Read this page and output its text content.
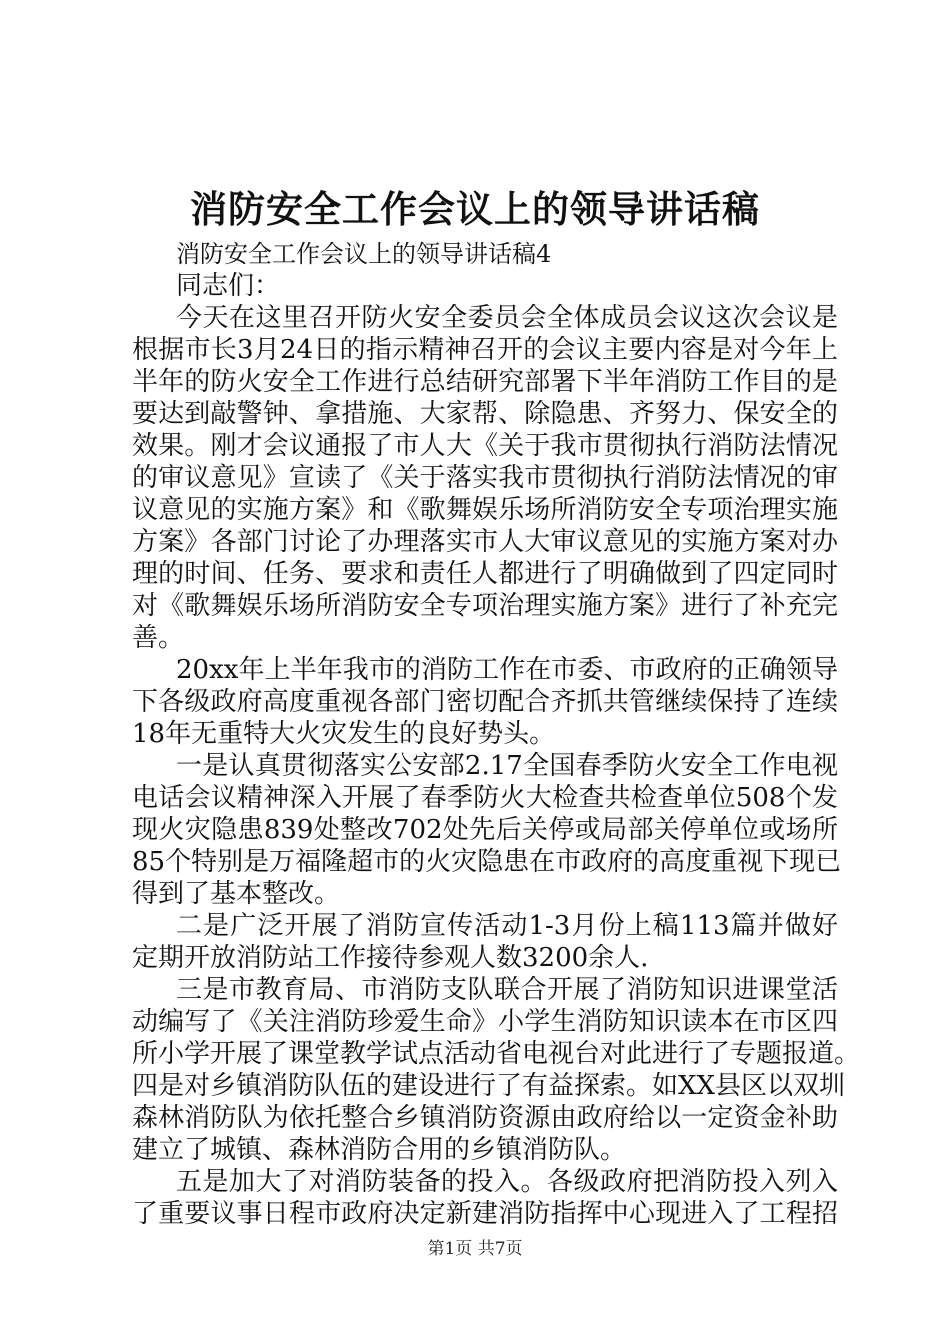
消防安全工作会议上的领导讲话稿

消防安全工作会议上的领导讲话稿4

同志们：

今天在这里召开防火安全委员会全体成员会议这次会议是

根据市长3月24日的指示精神召开的会议主要内容是对今年上

半年的防火安全工作进行总结研究部署下半年消防工作目的是

要达到敲警钟、拿措施、大家帮、除隐患、齐努力、保安全的

效果。刚才会议通报了市人大《关于我市贯彻执行消防法情况

的审议意见》宣读了《关于落实我市贯彻执行消防法情况的审

议意见的实施方案》和《歌舞娱乐场所消防安全专项治理实施

方案》各部门讨论了办理落实市人大审议意见的实施方案对办

理的时间、任务、要求和责任人都进行了明确做到了四定同时

对《歌舞娱乐场所消防安全专项治理实施方案》进行了补充完

善。

20xx年上半年我市的消防工作在市委、市政府的正确领导

下各级政府高度重视各部门密切配合齐抓共管继续保持了连续

18年无重特大火灾发生的良好势头。

一是认真贯彻落实公安部2.17全国春季防火安全工作电视

电话会议精神深入开展了春季防火大检查共检查单位508个发

现火灾隐患839处整改702处先后关停或局部关停单位或场所

85个特别是万福隆超市的火灾隐患在市政府的高度重视下现已

得到了基本整改。

二是广泛开展了消防宣传活动1-3月份上稿113篇并做好

定期开放消防站工作接待参观人数3200余人.

三是市教育局、市消防支队联合开展了消防知识进课堂活

动编写了《关注消防珍爱生命》小学生消防知识读本在市区四

所小学开展了课堂教学试点活动省电视台对此进行了专题报道。

四是对乡镇消防队伍的建设进行了有益探索。如XX县区以双圳

森林消防队为依托整合乡镇消防资源由政府给以一定资金补助

建立了城镇、森林消防合用的乡镇消防队。

五是加大了对消防装备的投入。各级政府把消防投入列入

了重要议事日程市政府决定新建消防指挥中心现进入了工程招

第1页 共7页
